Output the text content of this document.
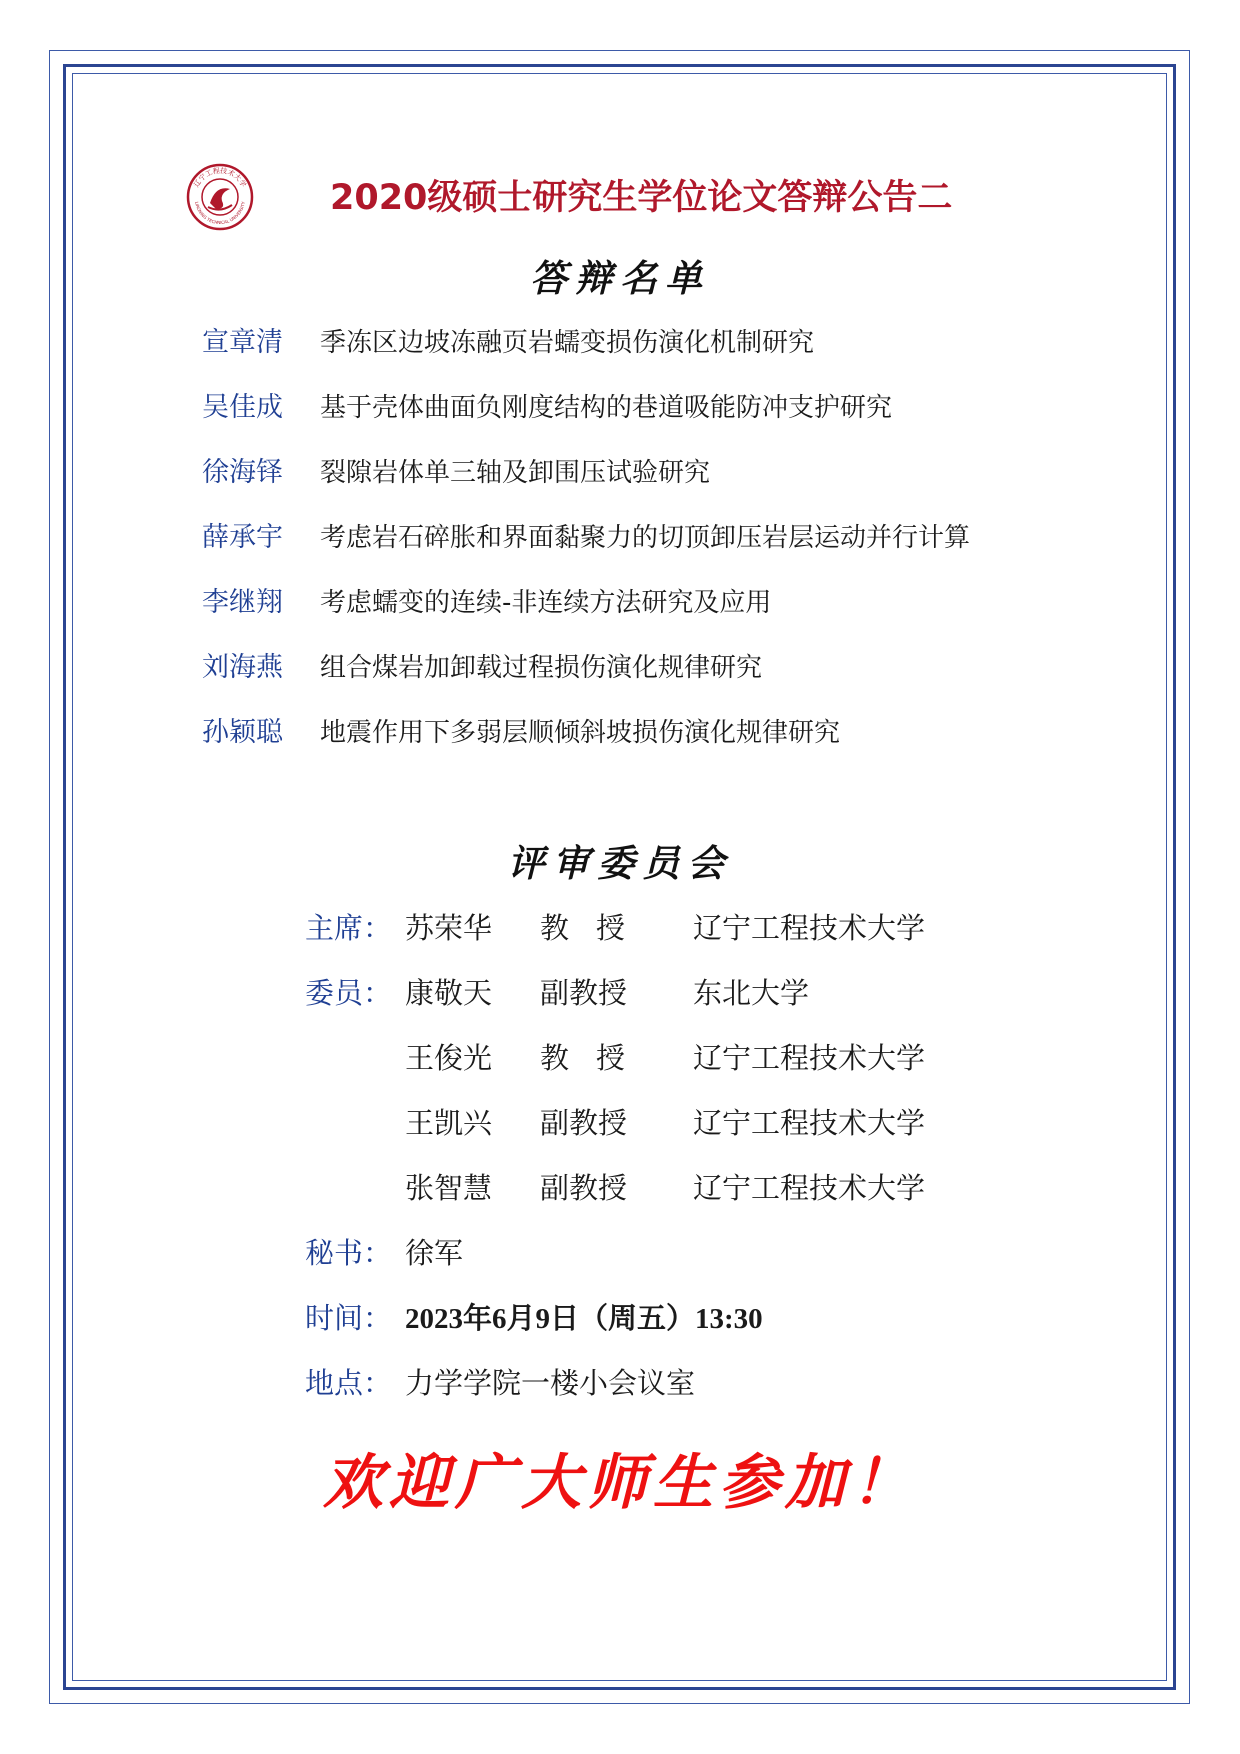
辽宁工程技术大学
LIAONING TECHNICAL UNIVERSITY 2020级硕士研究生学位论文答辩公告二
答辩名单
宣章清 季冻区边坡冻融页岩蠕变损伤演化机制研究
吴佳成 基于壳体曲面负刚度结构的巷道吸能防冲支护研究
徐海铎 裂隙岩体单三轴及卸围压试验研究
薛承宇 考虑岩石碎胀和界面黏聚力的切顶卸压岩层运动并行计算
李继翔 考虑蠕变的连续-非连续方法研究及应用
刘海燕 组合煤岩加卸载过程损伤演化规律研究
孙颖聪 地震作用下多弱层顺倾斜坡损伤演化规律研究
评审委员会
主席： 苏荣华 教授 辽宁工程技术大学
委员： 康敬天 副教授 东北大学
王俊光 教授 辽宁工程技术大学
王凯兴 副教授 辽宁工程技术大学
张智慧 副教授 辽宁工程技术大学
秘书： 徐军
时间： 2023年6月9日（周五）13:30
地点： 力学学院一楼小会议室
欢迎广大师生参加！
